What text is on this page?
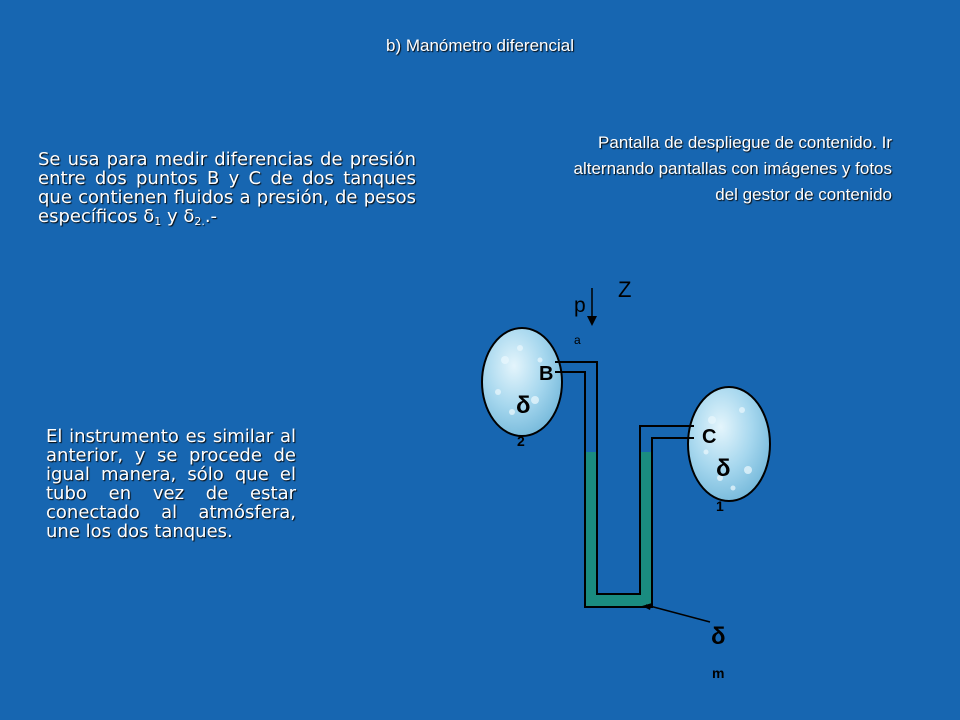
b) Manómetro diferencial
Pantalla de despliegue de contenido. Ir alternando pantallas con imágenes y fotos del gestor de contenido
Se usa para medir diferencias de presión entre dos puntos B y C de dos tanques que contienen fluidos a presión, de pesos específicos $\delta_1$ y $\delta_{2.}.-$
El instrumento es similar al anterior, y se procede de igual manera, sólo que el tubo en vez de estar conectado al atmósfera, une los dos tanques.
Z
p
a
B
C
δ
2
δ
1
δ
m
